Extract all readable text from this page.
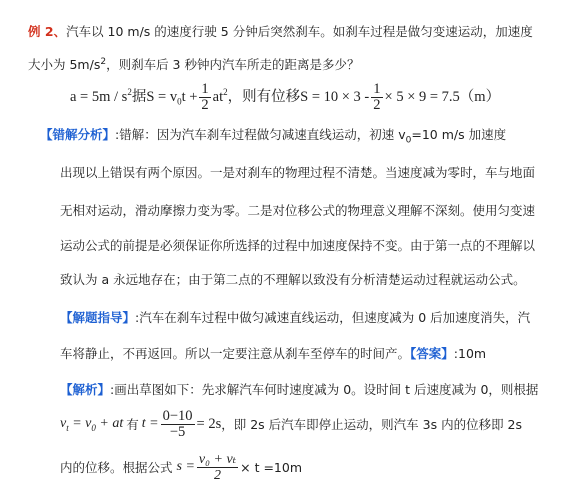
例 2、汽车以 10 m/s 的速度行驶 5 分钟后突然刹车。如刹车过程是做匀变速运动，加速度
大小为 $5m/s^2$，则刹车后 3 秒钟内汽车所走的距离是多少？
$a = 5m / s^2$据$S = v_0t + \frac{1}{2} at^2$，则有位移$S = 10 \times 3 - \frac{1}{2} \times 5 \times 9 = 7.5(m)$
【错解分析】:错解：因为汽车刹车过程做匀减速直线运动，初速 $v_0=10$ m/s 加速度
出现以上错误有两个原因。一是对刹车的物理过程不清楚。当速度减为零时，车与地面
无相对运动，滑动摩擦力变为零。二是对位移公式的物理意义理解不深刻。使用匀变速
运动公式的前提是必须保证你所选择的过程中加速度保持不变。由于第一点的不理解以
致认为 a 永远地存在；由于第二点的不理解以致没有分析清楚运动过程就运动公式。
【解题指导】:汽车在刹车过程中做匀减速直线运动，但速度减为 0 后加速度消失，汽
车将静止，不再返回。所以一定要注意从刹车至停车的时间产。【答案】:10m
【解析】:画出草图如下：先求解汽车何时速度减为 0。设时间 t 后速度减为 0，则根据
$v_t = v_0$ + at 有 $t = \frac{0-10}{-5} = 2s$ ，即 2s 后汽车即停止运动，则汽车 3s 内的位移即 2s
内的位移。根据公式 $s = \frac{\text{v₀ + vₜ}}{2} \times t =10m$
